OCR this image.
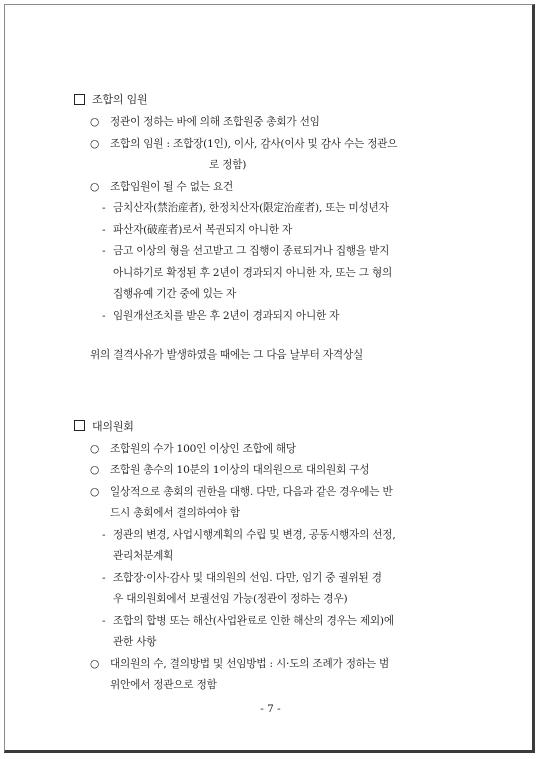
조합의 임원
○	정관이 정하는 바에 의해 조합원중 총회가 선임
○	조합의 임원 : 조합장(1인), 이사, 감사(이사 및 감사 수는 정관으
로 정함)
○	조합임원이 될 수 없는 요건
- 금치산자(禁治産者), 한정치산자(限定治産者), 또는 미성년자
- 파산자(破産者)로서 복권되지 아니한 자
- 금고 이상의 형을 선고받고 그 집행이 종료되거나 집행을 받지
아니하기로 확정된 후 2년이 경과되지 아니한 자, 또는 그 형의
집행유예 기간 중에 있는 자
- 임원개선조치를 받은 후 2년이 경과되지 아니한 자
위의 결격사유가 발생하였을 때에는 그 다음 날부터 자격상실
대의원회
○	조합원의 수가 100인 이상인 조합에 해당
○	조합원 총수의 10분의 1이상의 대의원으로 대의원회 구성
○	일상적으로 총회의 권한을 대행. 다만, 다음과 같은 경우에는 반
드시 총회에서 결의하여야 함
- 정관의 변경, 사업시행계획의 수립 및 변경, 공동시행자의 선정,
관리처분계획
- 조합장·이사·감사 및 대의원의 선임. 다만, 임기 중 궐위된 경
우 대의원회에서 보궐선임 가능(정관이 정하는 경우)
- 조합의 합병 또는 해산(사업완료로 인한 해산의 경우는 제외)에
관한 사항
○	대의원의 수, 결의방법 및 선임방법 : 시·도의 조례가 정하는 범
위안에서 정관으로 정함
- 7 -
